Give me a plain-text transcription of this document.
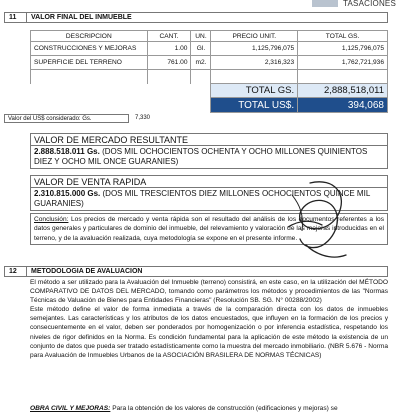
TASACIONES
11	VALOR FINAL DEL INMUEBLE
DESCRIPCION	CANT.	UN.	PRECIO UNIT.	TOTAL GS.
CONSTRUCCIONES Y MEJORAS	1.00	Gl.	1,125,796,075	1,125,796,075
SUPERFICIE DEL TERRENO	761.00	m2.	2,316,323	1,762,721,936

			TOTAL GS.	2,888,518,011
			TOTAL US$.	394,068
Valor del US$ considerado: Gs.	7,330
VALOR DE MERCADO RESULTANTE
2.888.518.011 Gs. (DOS MIL OCHOCIENTOS OCHENTA Y OCHO MILLONES QUINIENTOS DIEZ Y OCHO MIL ONCE GUARANIES)
VALOR DE VENTA RAPIDA
2.310.815.000 Gs. (DOS MIL TRESCIENTOS DIEZ MILLONES OCHOCIENTOS QUINCE MIL GUARANIES)
Conclusión: Los precios de mercado y venta rápida son el resultado del análisis de los documentos referentes a los datos generales y particulares de dominio del inmueble, del relevamiento y valoración de las mejoras introducidas en el terreno, y de la avaluación realizada, cuya metodología se expone en el presente informe.
12	METODOLOGIA DE AVALUACION

El método a ser utilizado para la Avaluación del Inmueble (terreno) consistirá, en este caso, en la utilización del MÉTODO COMPARATIVO DE DATOS DEL MERCADO, tomando como parámetros los métodos y procedimientos de las "Normas Técnicas de Valuación de Bienes para Entidades Financieras" (Resolución SB. SG. N° 00288/2002)

Este método define el valor de forma inmediata a través de la comparación directa con los datos de inmuebles semejantes. Las características y los atributos de los datos encuestados, que influyen en la formación de los precios y consecuentemente en el valor, deben ser ponderados por homogenización o por inferencia estadística, respetando los niveles de rigor definidos en la Norma. Es condición fundamental para la aplicación de este método la existencia de un conjunto de datos que pueda ser tratado estadísticamente como la muestra del mercado inmobiliario. (NBR 5.676 - Norma para Avaluación de Inmuebles Urbanos de la ASOCIACIÓN BRASILERA DE NORMAS TÉCNICAS)

OBRA CIVIL Y MEJORAS: Para la obtención de los valores de construcción (edificaciones y mejoras) se
